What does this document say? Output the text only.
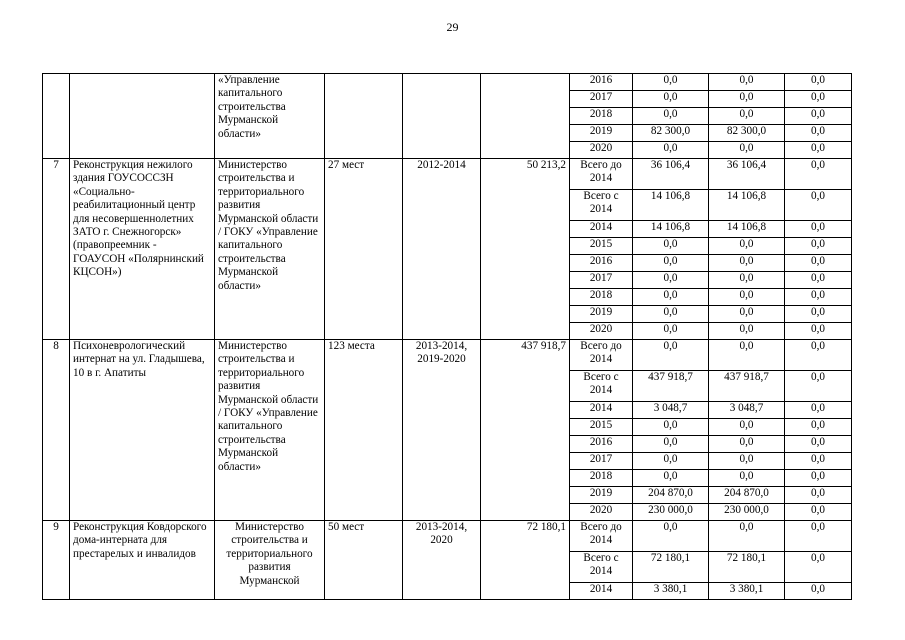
29
		«Управление капитального строительства Мурманской области»				2016	0,0	0,0	0,0
						2017	0,0	0,0	0,0
						2018	0,0	0,0	0,0
						2019	82 300,0	82 300,0	0,0
						2020	0,0	0,0	0,0
7	Реконструкция нежилого здания ГОУСОССЗН «Социально-реабилитационный центр для несовершеннолетних ЗАТО г. Снежногорск» (правопреемник - ГОАУСОН «Полярнинский КЦСОН»)	Министерство строительства и территориального развития Мурманской области / ГОКУ «Управление капитального строительства Мурманской области»	27 мест	2012-2014	50 213,2	Всего до 2014	36 106,4	36 106,4	0,0
						Всего с 2014	14 106,8	14 106,8	0,0
						2014	14 106,8	14 106,8	0,0
						2015	0,0	0,0	0,0
						2016	0,0	0,0	0,0
						2017	0,0	0,0	0,0
						2018	0,0	0,0	0,0
						2019	0,0	0,0	0,0
						2020	0,0	0,0	0,0
8	Психоневрологический интернат на ул. Гладышева, 10 в г. Апатиты	Министерство строительства и территориального развития Мурманской области / ГОКУ «Управление капитального строительства Мурманской области»	123 места	2013-2014, 2019-2020	437 918,7	Всего до 2014	0,0	0,0	0,0
						Всего с 2014	437 918,7	437 918,7	0,0
						2014	3 048,7	3 048,7	0,0
						2015	0,0	0,0	0,0
						2016	0,0	0,0	0,0
						2017	0,0	0,0	0,0
						2018	0,0	0,0	0,0
						2019	204 870,0	204 870,0	0,0
						2020	230 000,0	230 000,0	0,0
9	Реконструкция Ковдорского дома-интерната для престарелых и инвалидов	Министерство строительства и территориального развития Мурманской	50 мест	2013-2014, 2020	72 180,1	Всего до 2014	0,0	0,0	0,0
						Всего с 2014	72 180,1	72 180,1	0,0
						2014	3 380,1	3 380,1	0,0
